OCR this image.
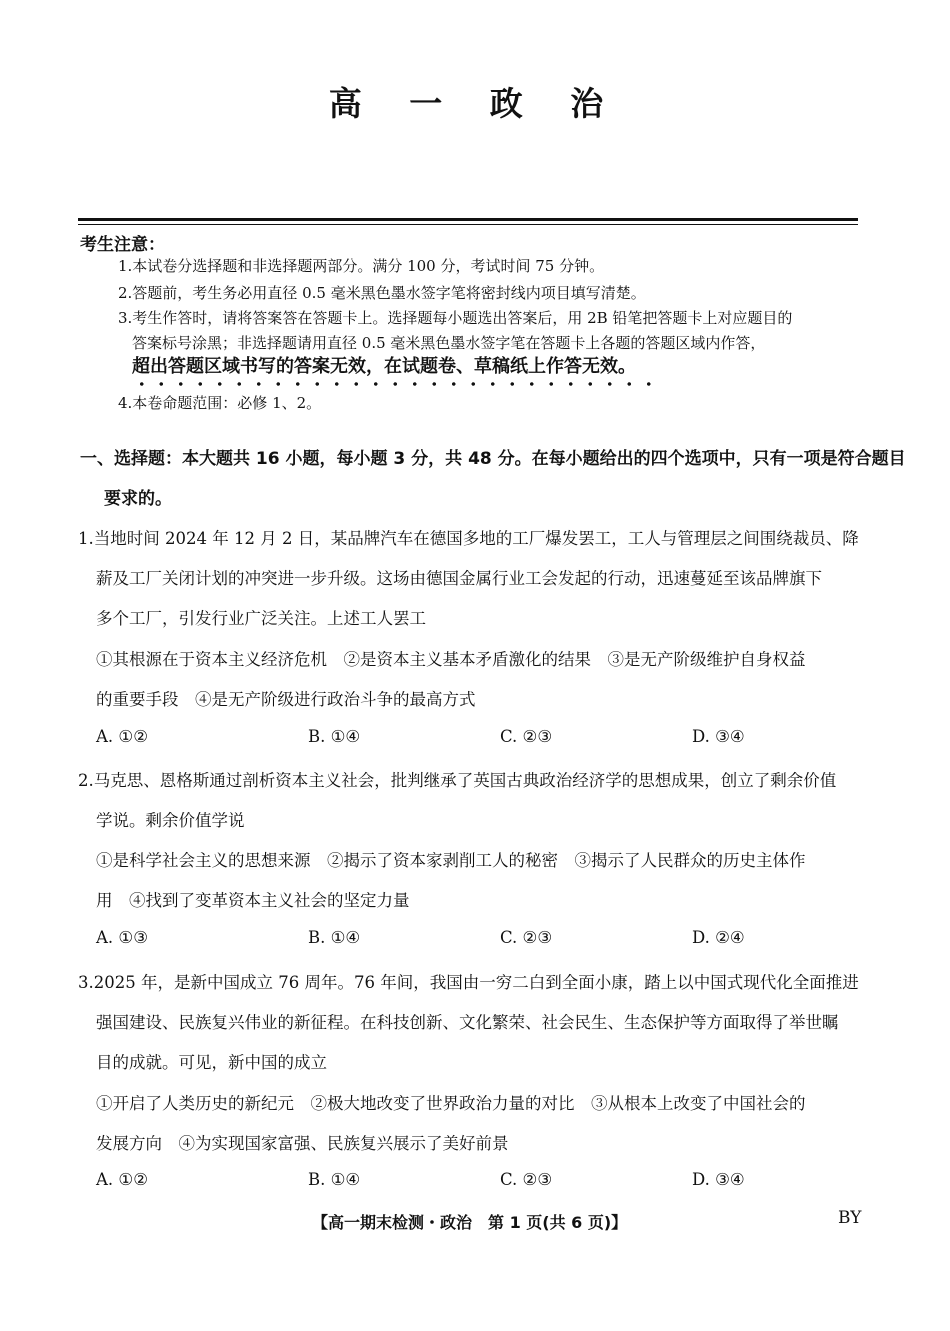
高 一 政 治
考生注意：
1.本试卷分选择题和非选择题两部分。满分 100 分，考试时间 75 分钟。
2.答题前，考生务必用直径 0.5 毫米黑色墨水签字笔将密封线内项目填写清楚。
3.考生作答时，请将答案答在答题卡上。选择题每小题选出答案后，用 2B 铅笔把答题卡上对应题目的
答案标号涂黑；非选择题请用直径 0.5 毫米黑色墨水签字笔在答题卡上各题的答题区域内作答，
超出答题区域书写的答案无效，在试题卷、草稿纸上作答无效。
4.本卷命题范围：必修 1、2。
一、选择题：本大题共 16 小题，每小题 3 分，共 48 分。在每小题给出的四个选项中，只有一项是符合题目
要求的。
1.当地时间 2024 年 12 月 2 日，某品牌汽车在德国多地的工厂爆发罢工，工人与管理层之间围绕裁员、降
薪及工厂关闭计划的冲突进一步升级。这场由德国金属行业工会发起的行动，迅速蔓延至该品牌旗下
多个工厂，引发行业广泛关注。上述工人罢工
①其根源在于资本主义经济危机　②是资本主义基本矛盾激化的结果　③是无产阶级维护自身权益
的重要手段　④是无产阶级进行政治斗争的最高方式
A. ①②	B. ①④	C. ②③	D. ③④
2.马克思、恩格斯通过剖析资本主义社会，批判继承了英国古典政治经济学的思想成果，创立了剩余价值
学说。剩余价值学说
①是科学社会主义的思想来源　②揭示了资本家剥削工人的秘密　③揭示了人民群众的历史主体作
用　④找到了变革资本主义社会的坚定力量
A. ①③	B. ①④	C. ②③	D. ②④
3.2025 年，是新中国成立 76 周年。76 年间，我国由一穷二白到全面小康，踏上以中国式现代化全面推进
强国建设、民族复兴伟业的新征程。在科技创新、文化繁荣、社会民生、生态保护等方面取得了举世瞩
目的成就。可见，新中国的成立
①开启了人类历史的新纪元　②极大地改变了世界政治力量的对比　③从根本上改变了中国社会的
发展方向　④为实现国家富强、民族复兴展示了美好前景
A. ①②	B. ①④	C. ②③	D. ③④
【高一期末检测・政治　第 1 页(共 6 页)】	BY
